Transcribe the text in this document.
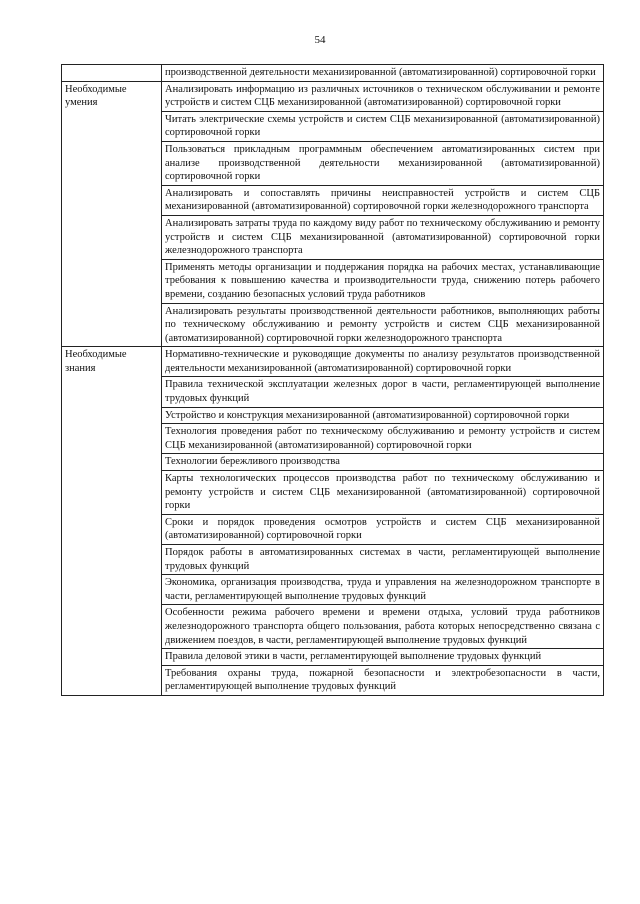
54
	производственной деятельности механизированной (автоматизированной) сортировочной горки
Необходимые умения	Анализировать информацию из различных источников о техническом обслуживании и ремонте устройств и систем СЦБ механизированной (автоматизированной) сортировочной горки
	Читать электрические схемы устройств и систем СЦБ механизированной (автоматизированной) сортировочной горки
	Пользоваться прикладным программным обеспечением автоматизированных систем при анализе производственной деятельности механизированной (автоматизированной) сортировочной горки
	Анализировать и сопоставлять причины неисправностей устройств и систем СЦБ механизированной (автоматизированной) сортировочной горки железнодорожного транспорта
	Анализировать затраты труда по каждому виду работ по техническому обслуживанию и ремонту устройств и систем СЦБ механизированной (автоматизированной) сортировочной горки железнодорожного транспорта
	Применять методы организации и поддержания порядка на рабочих местах, устанавливающие требования к повышению качества и производительности труда, снижению потерь рабочего времени, созданию безопасных условий труда работников
	Анализировать результаты производственной деятельности работников, выполняющих работы по техническому обслуживанию и ремонту устройств и систем СЦБ механизированной (автоматизированной) сортировочной горки железнодорожного транспорта
Необходимые знания	Нормативно-технические и руководящие документы по анализу результатов производственной деятельности механизированной (автоматизированной) сортировочной горки
	Правила технической эксплуатации железных дорог в части, регламентирующей выполнение трудовых функций
	Устройство и конструкция механизированной (автоматизированной) сортировочной горки
	Технология проведения работ по техническому обслуживанию и ремонту устройств и систем СЦБ механизированной (автоматизированной) сортировочной горки
	Технологии бережливого производства
	Карты технологических процессов производства работ по техническому обслуживанию и ремонту устройств и систем СЦБ механизированной (автоматизированной) сортировочной горки
	Сроки и порядок проведения осмотров устройств и систем СЦБ механизированной (автоматизированной) сортировочной горки
	Порядок работы в автоматизированных системах в части, регламентирующей выполнение трудовых функций
	Экономика, организация производства, труда и управления на железнодорожном транспорте в части, регламентирующей выполнение трудовых функций
	Особенности режима рабочего времени и времени отдыха, условий труда работников железнодорожного транспорта общего пользования, работа которых непосредственно связана с движением поездов, в части, регламентирующей выполнение трудовых функций
	Правила деловой этики в части, регламентирующей выполнение трудовых функций
	Требования охраны труда, пожарной безопасности и электробезопасности в части, регламентирующей выполнение трудовых функций
